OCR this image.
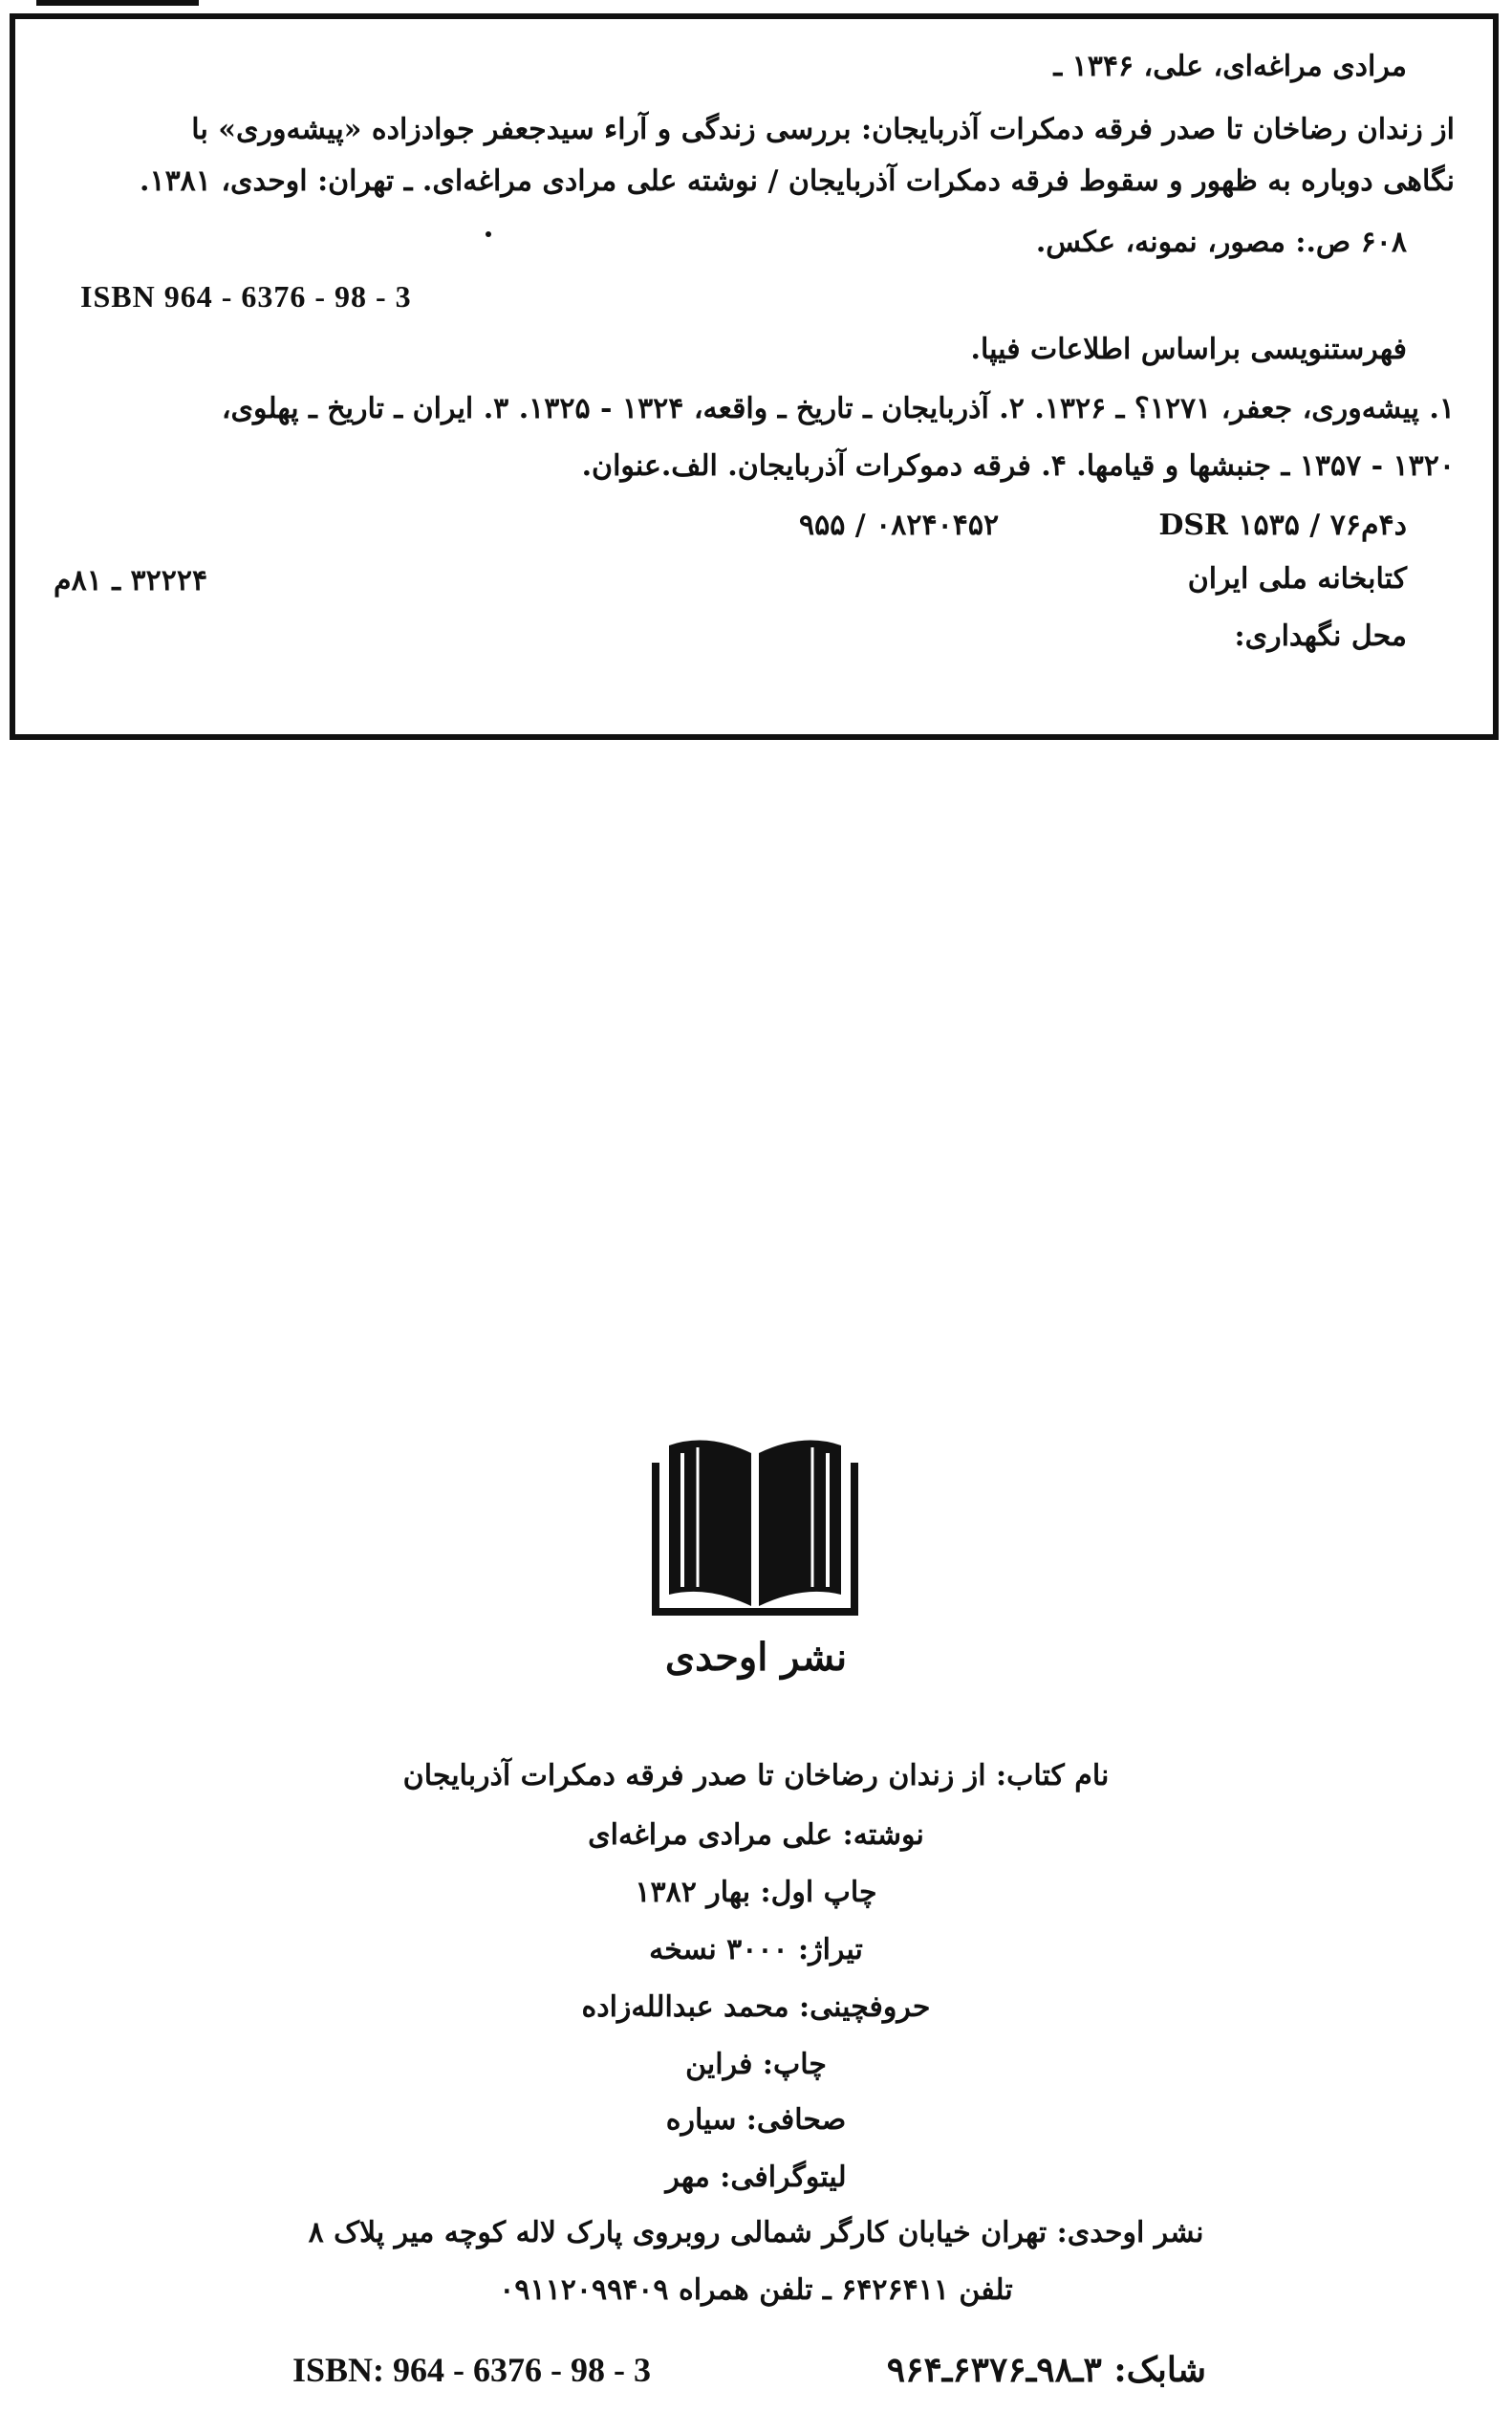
مرادی مراغه‌ای، علی، ۱۳۴۶ ـ
از زندان رضاخان تا صدر فرقه دمکرات آذربایجان: بررسی زندگی و آراء سیدجعفر جوادزاده «پیشه‌وری» با
نگاهی دوباره به ظهور و سقوط فرقه دمکرات آذربایجان / نوشته علی مرادی مراغه‌ای. ـ تهران: اوحدی، ۱۳۸۱.
۶۰۸ ص.: مصور، نمونه، عکس.
ISBN 964 - 6376 - 98 - 3
فهرستنویسی براساس اطلاعات فیپا.
۱. پیشه‌وری، جعفر، ۱۲۷۱؟ ـ ۱۳۲۶. ۲. آذربایجان ـ تاریخ ـ واقعه، ۱۳۲۴ - ۱۳۲۵. ۳. ایران ـ تاریخ ـ پهلوی،
۱۳۲۰ - ۱۳۵۷ ـ جنبشها و قیامها. ۴. فرقه دموکرات آذربایجان. الف.عنوان.
DSR ۱۵۳۵ / ۷۶د۴م
۹۵۵ / ۰۸۲۴۰۴۵۲
کتابخانه ملی ایران
۳۲۲۲۴ ـ ۸۱م
محل نگهداری:
نشر اوحدی
نام کتاب: از زندان رضاخان تا صدر فرقه دمکرات آذربایجان
نوشته: علی مرادی مراغه‌ای
چاپ اول: بهار ۱۳۸۲
تیراژ: ۳۰۰۰ نسخه
حروفچینی: محمد عبدالله‌زاده
چاپ: فراین
صحافی: سیاره
لیتوگرافی: مهر
نشر اوحدی: تهران خیابان کارگر شمالی روبروی پارک لاله کوچه میر پلاک ۸
تلفن ۶۴۲۶۴۱۱ ـ تلفن همراه ۰۹۱۱۲۰۹۹۴۰۹
ISBN: 964 - 6376 - 98 - 3	شابک: ۳ـ۹۸ـ۶۳۷۶ـ۹۶۴
